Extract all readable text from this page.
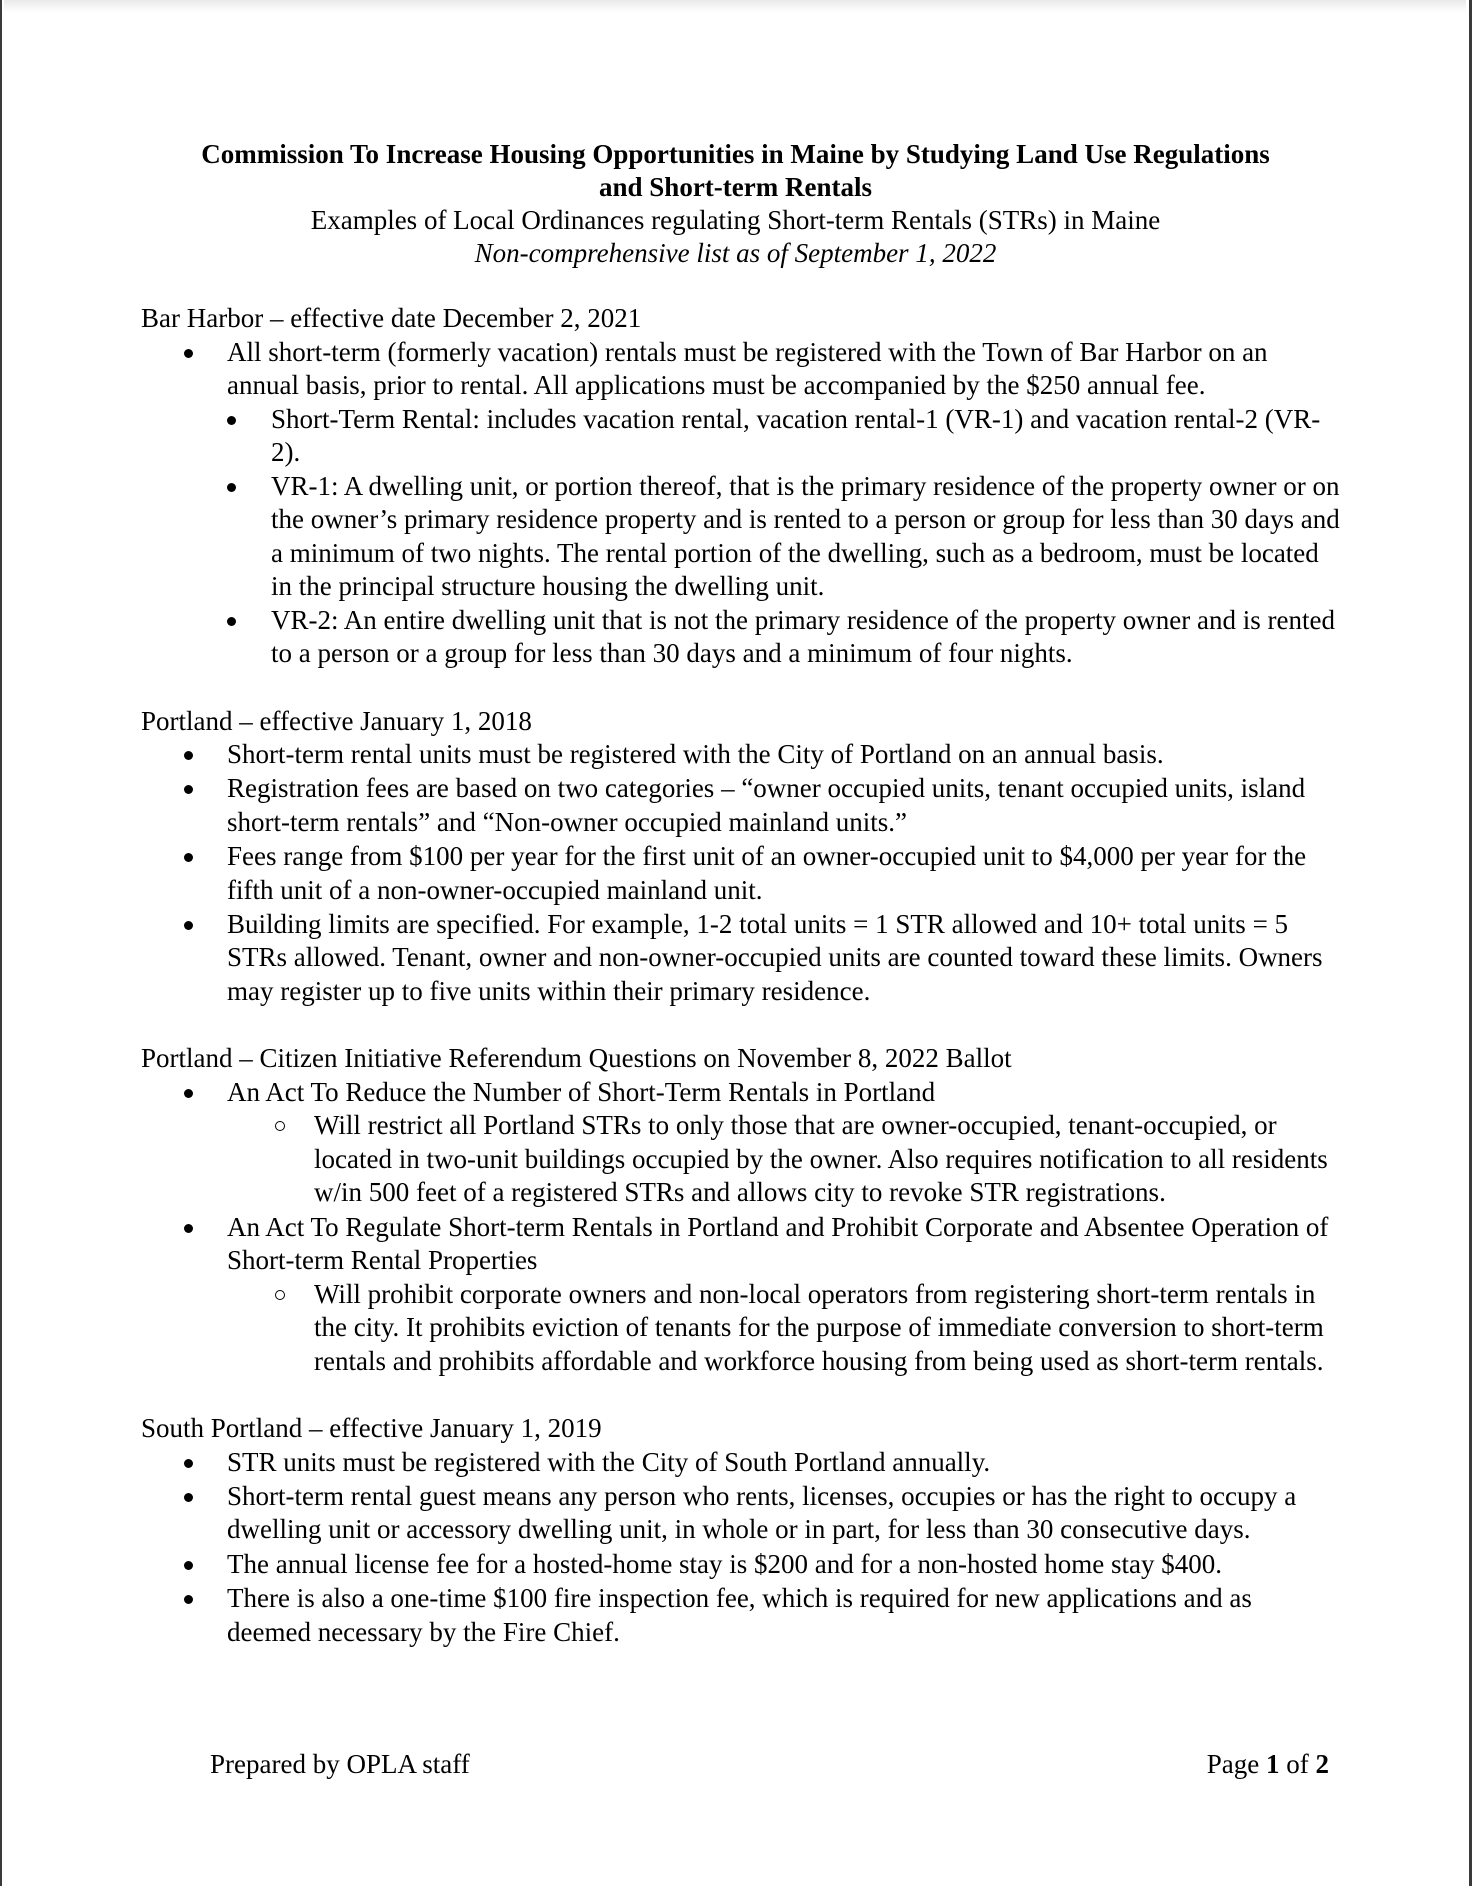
Commission To Increase Housing Opportunities in Maine by Studying Land Use Regulations
and Short-term Rentals
Examples of Local Ordinances regulating Short-term Rentals (STRs) in Maine
Non-comprehensive list as of September 1, 2022
Bar Harbor – effective date December 2, 2021
All short-term (formerly vacation) rentals must be registered with the Town of Bar Harbor on an annual basis, prior to rental. All applications must be accompanied by the $250 annual fee.
Short-Term Rental: includes vacation rental, vacation rental-1 (VR-1) and vacation rental-2 (VR-2).
VR-1: A dwelling unit, or portion thereof, that is the primary residence of the property owner or on the owner’s primary residence property and is rented to a person or group for less than 30 days and a minimum of two nights. The rental portion of the dwelling, such as a bedroom, must be located in the principal structure housing the dwelling unit.
VR-2: An entire dwelling unit that is not the primary residence of the property owner and is rented to a person or a group for less than 30 days and a minimum of four nights.
Portland – effective January 1, 2018
Short-term rental units must be registered with the City of Portland on an annual basis.
Registration fees are based on two categories – “owner occupied units, tenant occupied units, island short-term rentals” and “Non-owner occupied mainland units.”
Fees range from $100 per year for the first unit of an owner-occupied unit to $4,000 per year for the fifth unit of a non-owner-occupied mainland unit.
Building limits are specified. For example, 1-2 total units = 1 STR allowed and 10+ total units = 5 STRs allowed. Tenant, owner and non-owner-occupied units are counted toward these limits. Owners may register up to five units within their primary residence.
Portland – Citizen Initiative Referendum Questions on November 8, 2022 Ballot
An Act To Reduce the Number of Short-Term Rentals in Portland
Will restrict all Portland STRs to only those that are owner-occupied, tenant-occupied, or located in two-unit buildings occupied by the owner. Also requires notification to all residents w/in 500 feet of a registered STRs and allows city to revoke STR registrations.
An Act To Regulate Short-term Rentals in Portland and Prohibit Corporate and Absentee Operation of Short-term Rental Properties
Will prohibit corporate owners and non-local operators from registering short-term rentals in the city. It prohibits eviction of tenants for the purpose of immediate conversion to short-term rentals and prohibits affordable and workforce housing from being used as short-term rentals.
South Portland – effective January 1, 2019
STR units must be registered with the City of South Portland annually.
Short-term rental guest means any person who rents, licenses, occupies or has the right to occupy a dwelling unit or accessory dwelling unit, in whole or in part, for less than 30 consecutive days.
The annual license fee for a hosted-home stay is $200 and for a non-hosted home stay $400.
There is also a one-time $100 fire inspection fee, which is required for new applications and as deemed necessary by the Fire Chief.
Prepared by OPLA staff	Page 1 of 2
